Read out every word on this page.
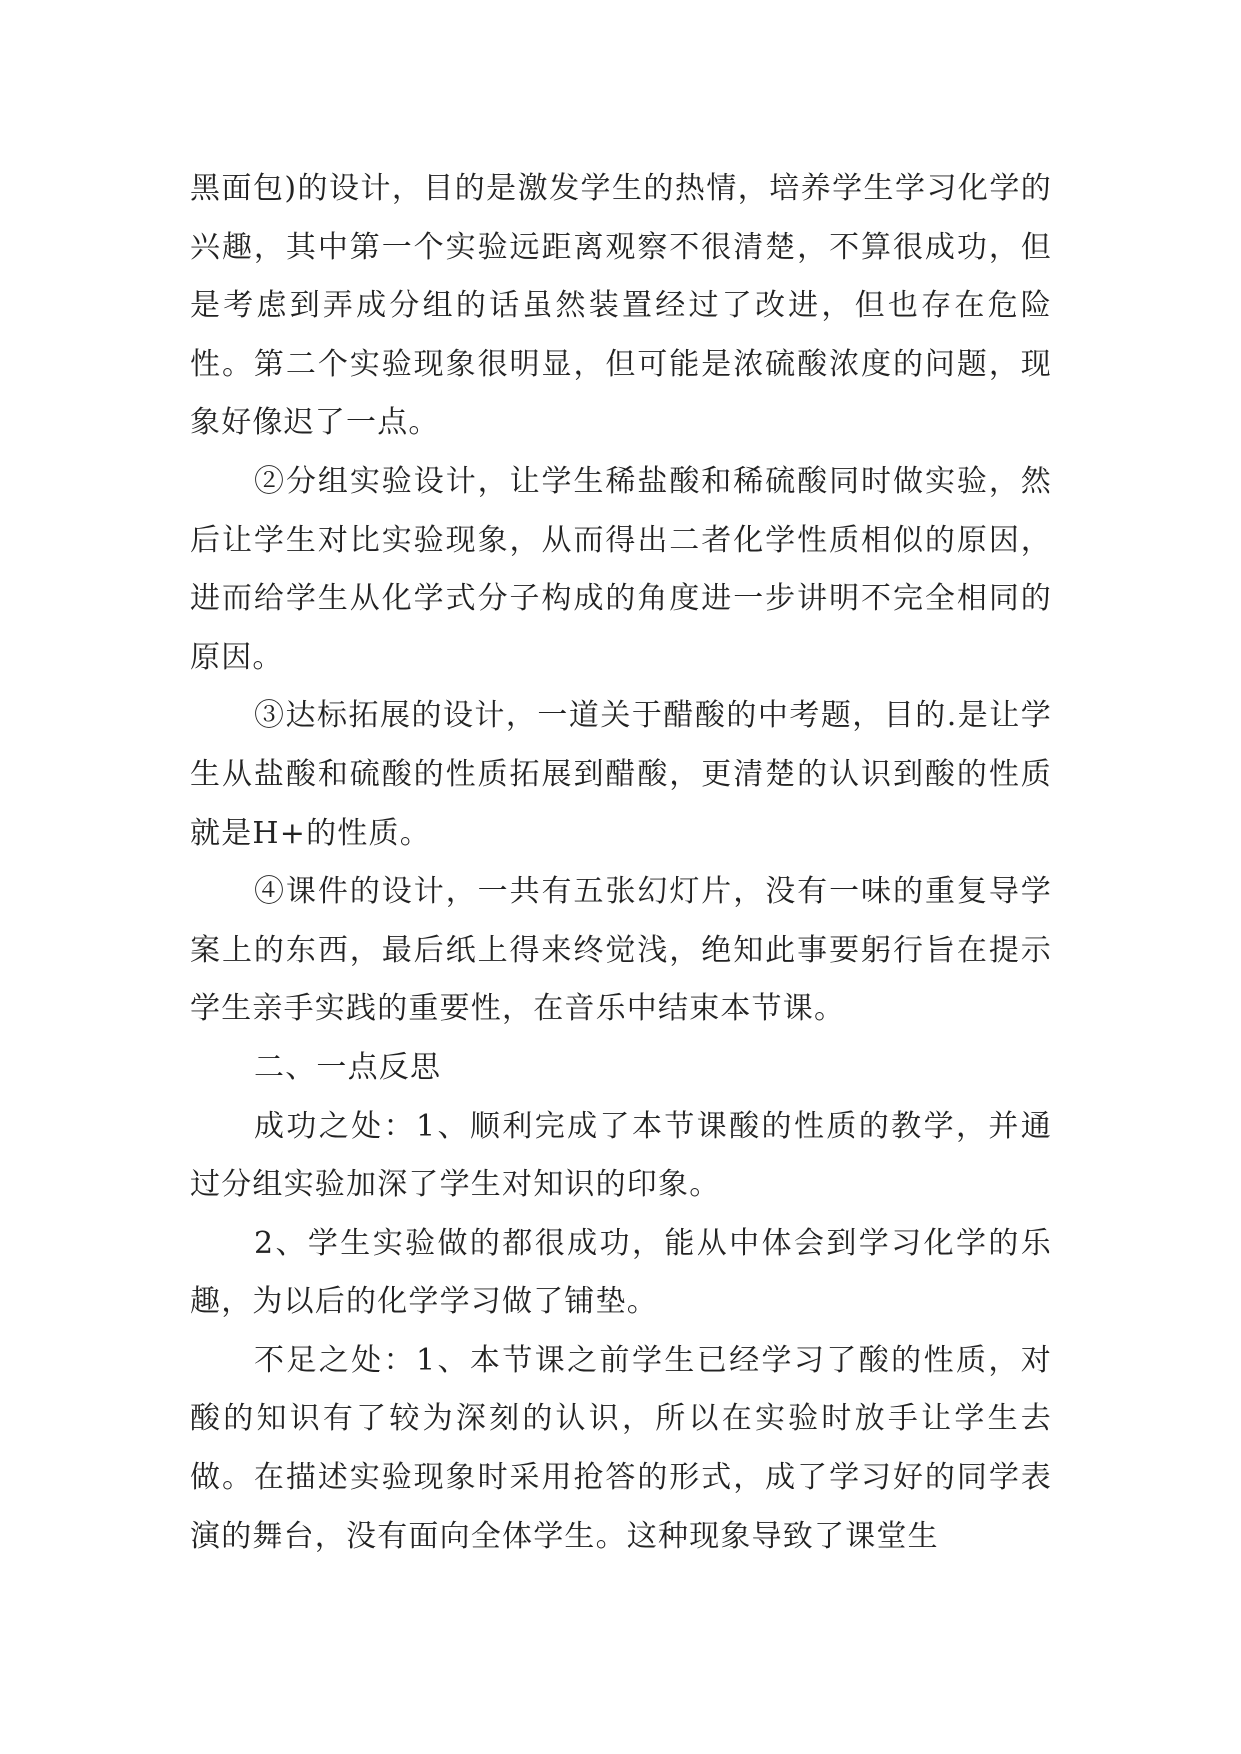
黑面包)的设计，目的是激发学生的热情，培养学生学习化学的兴趣，其中第一个实验远距离观察不很清楚，不算很成功，但是考虑到弄成分组的话虽然装置经过了改进，但也存在危险性。第二个实验现象很明显，但可能是浓硫酸浓度的问题，现象好像迟了一点。

②分组实验设计，让学生稀盐酸和稀硫酸同时做实验，然后让学生对比实验现象，从而得出二者化学性质相似的原因，进而给学生从化学式分子构成的角度进一步讲明不完全相同的原因。

③达标拓展的设计，一道关于醋酸的中考题，目的.是让学生从盐酸和硫酸的性质拓展到醋酸，更清楚的认识到酸的性质就是H+的性质。

④课件的设计，一共有五张幻灯片，没有一味的重复导学案上的东西，最后纸上得来终觉浅，绝知此事要躬行旨在提示学生亲手实践的重要性，在音乐中结束本节课。

二、一点反思

成功之处：1、顺利完成了本节课酸的性质的教学，并通过分组实验加深了学生对知识的印象。

2、学生实验做的都很成功，能从中体会到学习化学的乐趣，为以后的化学学习做了铺垫。

不足之处：1、本节课之前学生已经学习了酸的性质，对酸的知识有了较为深刻的认识，所以在实验时放手让学生去做。在描述实验现象时采用抢答的形式，成了学习好的同学表演的舞台，没有面向全体学生。这种现象导致了课堂生
